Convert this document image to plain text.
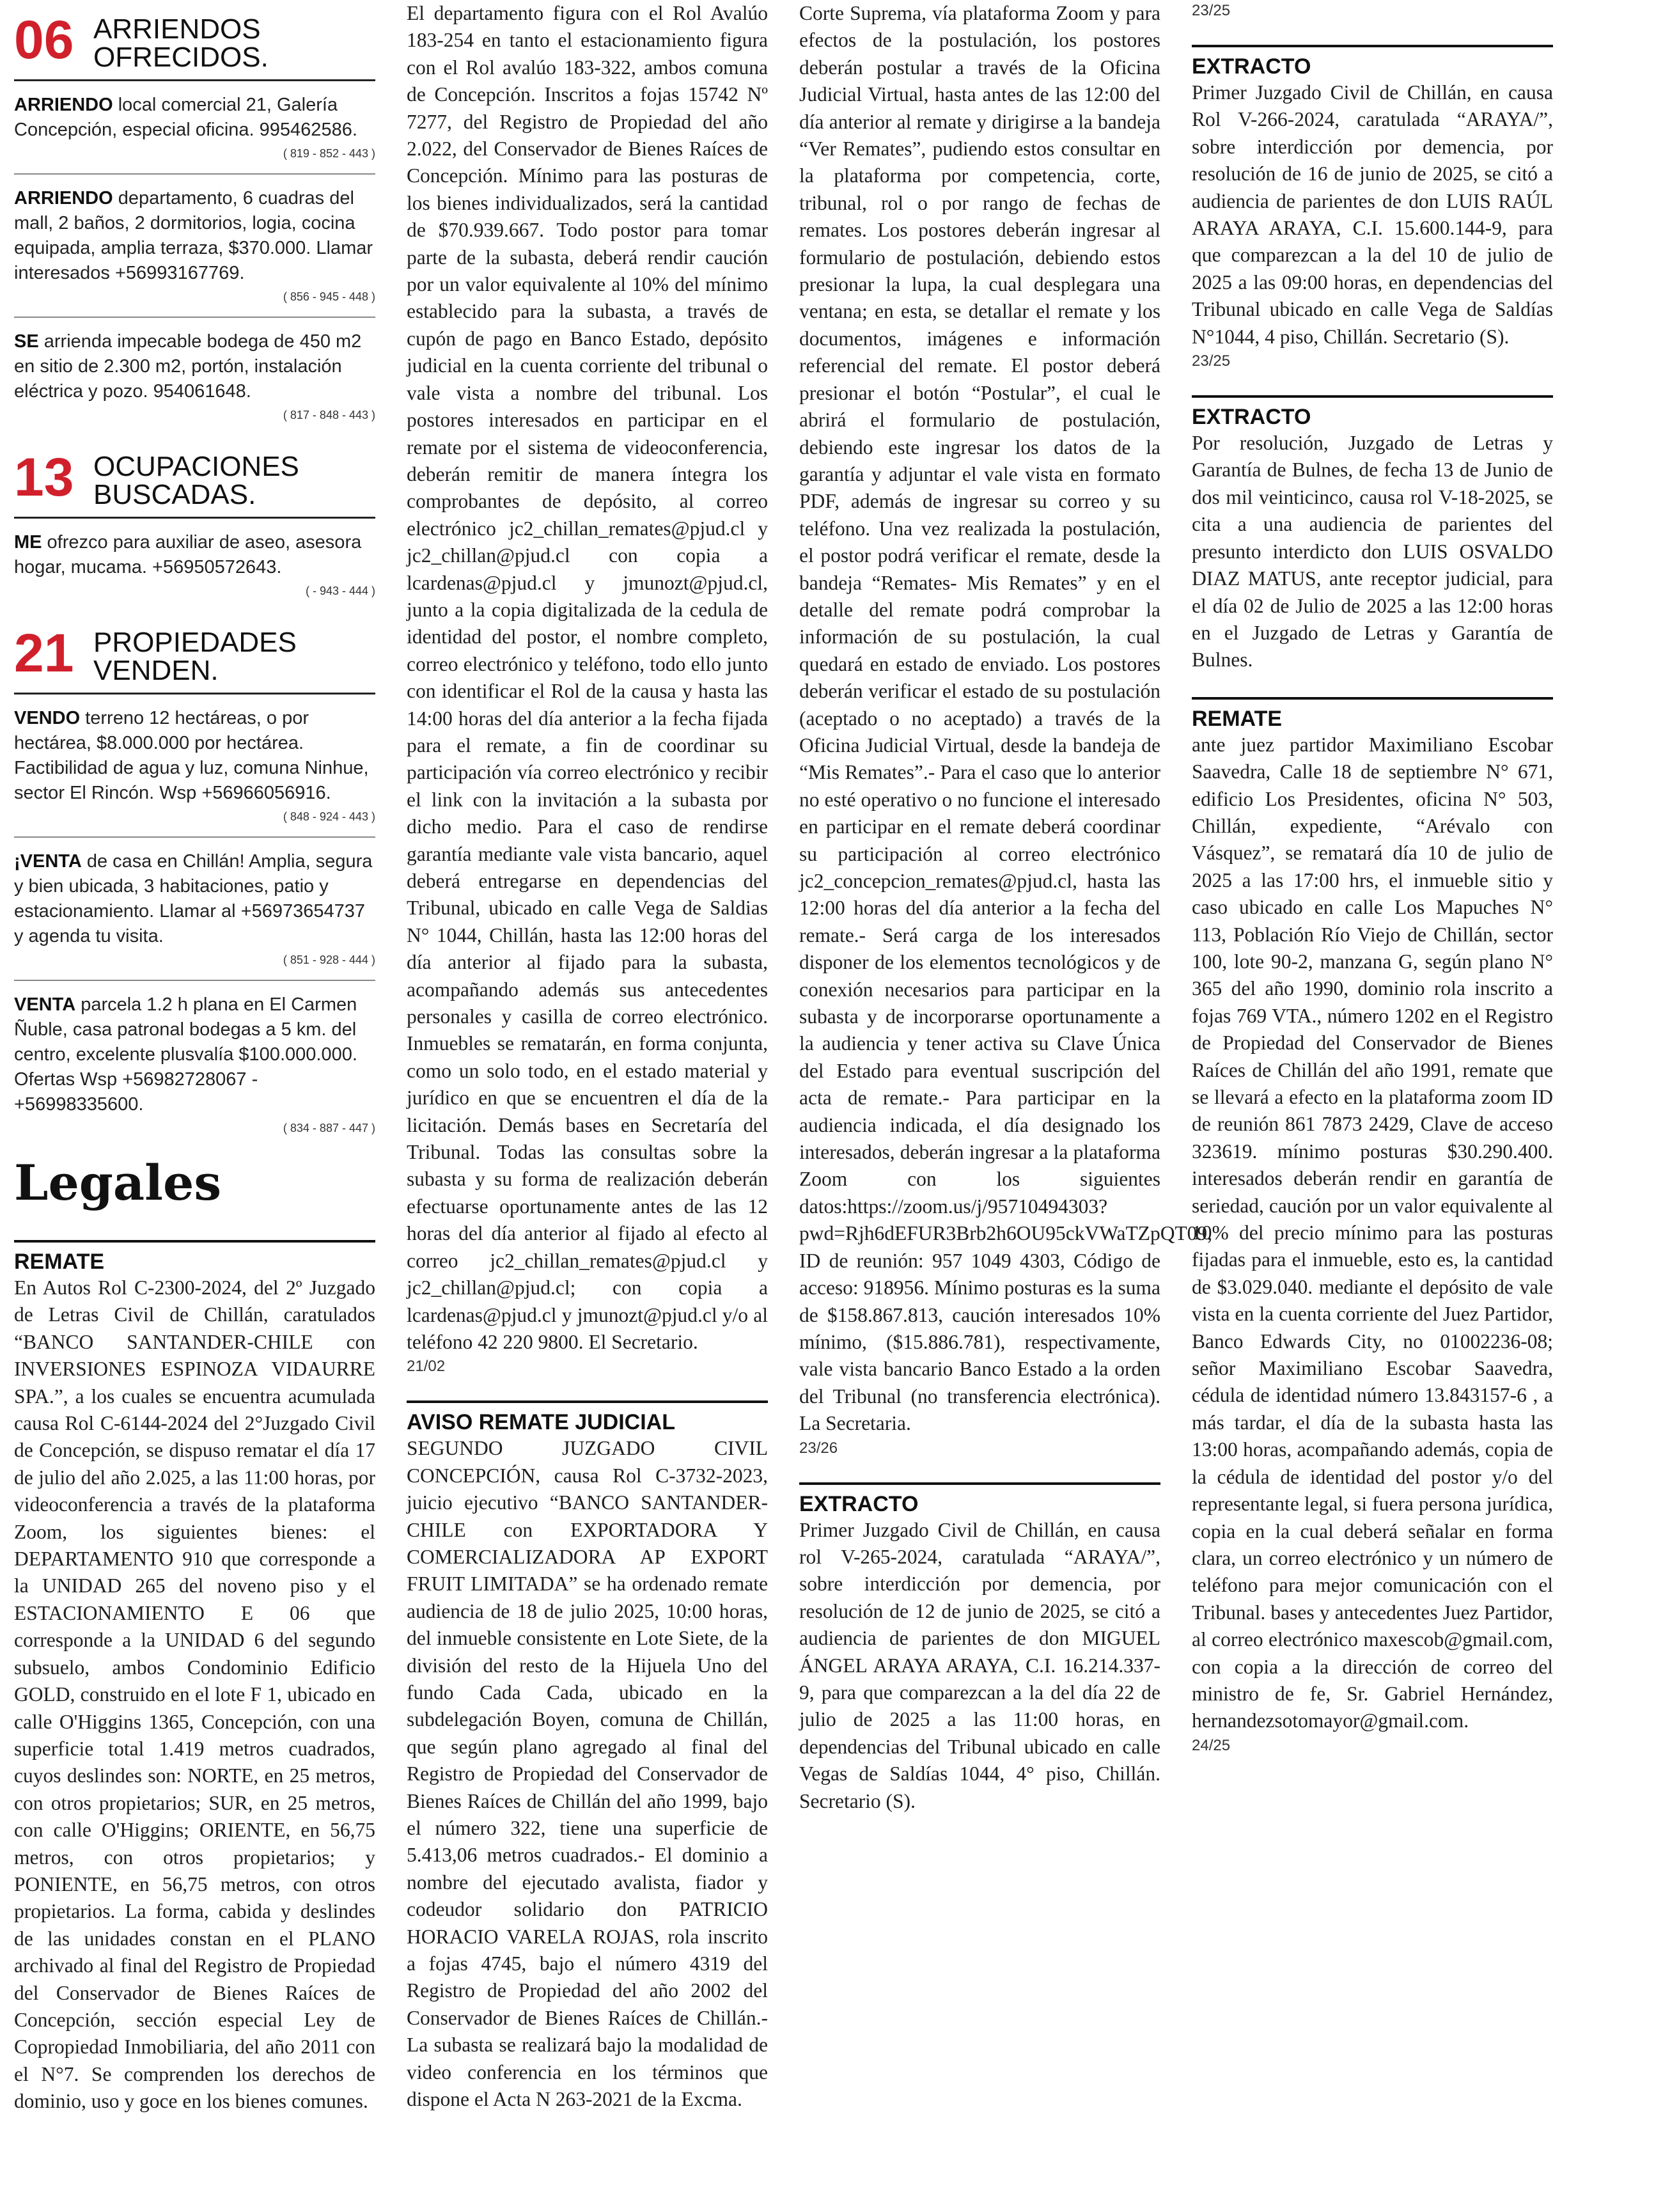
06 ARRIENDOS OFRECIDOS.
ARRIENDO local comercial 21, Galería Concepción, especial oficina. 995462586.
( 819 - 852 - 443 )
ARRIENDO departamento, 6 cuadras del mall, 2 baños, 2 dormitorios, logia, cocina equipada, amplia terraza, $370.000. Llamar interesados +56993167769.
( 856 - 945 - 448 )
SE arrienda impecable bodega de 450 m2 en sitio de 2.300 m2, portón, instalación eléctrica y pozo. 954061648.
( 817 - 848 - 443 )
13 OCUPACIONES BUSCADAS.
ME ofrezco para auxiliar de aseo, asesora hogar, mucama. +56950572643.
( - 943 - 444 )
21 PROPIEDADES VENDEN.
VENDO terreno 12 hectáreas, o por hectárea, $8.000.000 por hectárea. Factibilidad de agua y luz, comuna Ninhue, sector El Rincón. Wsp +56966056916.
( 848 - 924 - 443 )
¡VENTA de casa en Chillán! Amplia, segura y bien ubicada, 3 habitaciones, patio y estacionamiento. Llamar al +56973654737 y agenda tu visita.
( 851 - 928 - 444 )
VENTA parcela 1.2 h plana en El Carmen Ñuble, casa patronal bodegas a 5 km. del centro, excelente plusvalía $100.000.000. Ofertas Wsp +56982728067 - +56998335600.
( 834 - 887 - 447 )
Legales
REMATE
En Autos Rol C-2300-2024, del 2º Juzgado de Letras Civil de Chillán, caratulados “BANCO SANTANDER-CHILE con INVERSIONES ESPINOZA VIDAURRE SPA.”, a los cuales se encuentra acumulada causa Rol C-6144-2024 del 2°Juzgado Civil de Concepción, se dispuso rematar el día 17 de julio del año 2.025, a las 11:00 horas, por videoconferencia a través de la plataforma Zoom, los siguientes bienes: el DEPARTAMENTO 910 que corresponde a la UNIDAD 265 del noveno piso y el ESTACIONAMIENTO E 06 que corresponde a la UNIDAD 6 del segundo subsuelo, ambos Condominio Edificio GOLD, construido en el lote F 1, ubicado en calle O'Higgins 1365, Concepción, con una superficie total 1.419 metros cuadrados, cuyos deslindes son: NORTE, en 25 metros, con otros propietarios; SUR, en 25 metros, con calle O'Higgins; ORIENTE, en 56,75 metros, con otros propietarios; y PONIENTE, en 56,75 metros, con otros propietarios. La forma, cabida y deslindes de las unidades constan en el PLANO archivado al final del Registro de Propiedad del Conservador de Bienes Raíces de Concepción, sección especial Ley de Copropiedad Inmobiliaria, del año 2011 con el N°7. Se comprenden los derechos de dominio, uso y goce en los bienes comunes.
El departamento figura con el Rol Avalúo 183-254 en tanto el estacionamiento figura con el Rol avalúo 183-322, ambos comuna de Concepción. Inscritos a fojas 15742 Nº 7277, del Registro de Propiedad del año 2.022, del Conservador de Bienes Raíces de Concepción. Mínimo para las posturas de los bienes individualizados, será la cantidad de $70.939.667. Todo postor para tomar parte de la subasta, deberá rendir caución por un valor equivalente al 10% del mínimo establecido para la subasta, a través de cupón de pago en Banco Estado, depósito judicial en la cuenta corriente del tribunal o vale vista a nombre del tribunal. Los postores interesados en participar en el remate por el sistema de videoconferencia, deberán remitir de manera íntegra los comprobantes de depósito, al correo electrónico jc2_chillan_remates@pjud.cl y jc2_chillan@pjud.cl con copia a lcardenas@pjud.cl y jmunozt@pjud.cl, junto a la copia digitalizada de la cedula de identidad del postor, el nombre completo, correo electrónico y teléfono, todo ello junto con identificar el Rol de la causa y hasta las 14:00 horas del día anterior a la fecha fijada para el remate, a fin de coordinar su participación vía correo electrónico y recibir el link con la invitación a la subasta por dicho medio. Para el caso de rendirse garantía mediante vale vista bancario, aquel deberá entregarse en dependencias del Tribunal, ubicado en calle Vega de Saldias N° 1044, Chillán, hasta las 12:00 horas del día anterior al fijado para la subasta, acompañando además sus antecedentes personales y casilla de correo electrónico. Inmuebles se rematarán, en forma conjunta, como un solo todo, en el estado material y jurídico en que se encuentren el día de la licitación. Demás bases en Secretaría del Tribunal. Todas las consultas sobre la subasta y su forma de realización deberán efectuarse oportunamente antes de las 12 horas del día anterior al fijado al efecto al correo jc2_chillan_remates@pjud.cl y jc2_chillan@pjud.cl; con copia a lcardenas@pjud.cl y jmunozt@pjud.cl y/o al teléfono 42 220 9800. El Secretario.
21/02
AVISO REMATE JUDICIAL
SEGUNDO JUZGADO CIVIL CONCEPCIÓN, causa Rol C-3732-2023, juicio ejecutivo “BANCO SANTANDER-CHILE con EXPORTADORA Y COMERCIALIZADORA AP EXPORT FRUIT LIMITADA” se ha ordenado remate audiencia de 18 de julio 2025, 10:00 horas, del inmueble consistente en Lote Siete, de la división del resto de la Hijuela Uno del fundo Cada Cada, ubicado en la subdelegación Boyen, comuna de Chillán, que según plano agregado al final del Registro de Propiedad del Conservador de Bienes Raíces de Chillán del año 1999, bajo el número 322, tiene una superficie de 5.413,06 metros cuadrados.- El dominio a nombre del ejecutado avalista, fiador y codeudor solidario don PATRICIO HORACIO VARELA ROJAS, rola inscrito a fojas 4745, bajo el número 4319 del Registro de Propiedad del año 2002 del Conservador de Bienes Raíces de Chillán.- La subasta se realizará bajo la modalidad de video conferencia en los términos que dispone el Acta N 263-2021 de la Excma.
Corte Suprema, vía plataforma Zoom y para efectos de la postulación, los postores deberán postular a través de la Oficina Judicial Virtual, hasta antes de las 12:00 del día anterior al remate y dirigirse a la bandeja “Ver Remates”, pudiendo estos consultar en la plataforma por competencia, corte, tribunal, rol o por rango de fechas de remates. Los postores deberán ingresar al formulario de postulación, debiendo estos presionar la lupa, la cual desplegara una ventana; en esta, se detallar el remate y los documentos, imágenes e información referencial del remate. El postor deberá presionar el botón “Postular”, el cual le abrirá el formulario de postulación, debiendo este ingresar los datos de la garantía y adjuntar el vale vista en formato PDF, además de ingresar su correo y su teléfono. Una vez realizada la postulación, el postor podrá verificar el remate, desde la bandeja “Remates- Mis Remates” y en el detalle del remate podrá comprobar la información de su postulación, la cual quedará en estado de enviado. Los postores deberán verificar el estado de su postulación (aceptado o no aceptado) a través de la Oficina Judicial Virtual, desde la bandeja de “Mis Remates”.- Para el caso que lo anterior no esté operativo o no funcione el interesado en participar en el remate deberá coordinar su participación al correo electrónico jc2_concepcion_remates@pjud.cl, hasta las 12:00 horas del día anterior a la fecha del remate.- Será carga de los interesados disponer de los elementos tecnológicos y de conexión necesarios para participar en la subasta y de incorporarse oportunamente a la audiencia y tener activa su Clave Única del Estado para eventual suscripción del acta de remate.- Para participar en la audiencia indicada, el día designado los interesados, deberán ingresar a la plataforma Zoom con los siguientes datos:https://zoom.us/j/95710494303?pwd=Rjh6dEFUR3Brb2h6OU95ckVWaTZpQT09, ID de reunión: 957 1049 4303, Código de acceso: 918956. Mínimo posturas es la suma de $158.867.813, caución interesados 10% mínimo, ($15.886.781), respectivamente, vale vista bancario Banco Estado a la orden del Tribunal (no transferencia electrónica). La Secretaria.
23/26
EXTRACTO
Primer Juzgado Civil de Chillán, en causa rol V-265-2024, caratulada “ARAYA/”, sobre interdicción por demencia, por resolución de 12 de junio de 2025, se citó a audiencia de parientes de don MIGUEL ÁNGEL ARAYA ARAYA, C.I. 16.214.337-9, para que comparezcan a la del día 22 de julio de 2025 a las 11:00 horas, en dependencias del Tribunal ubicado en calle Vegas de Saldías 1044, 4° piso, Chillán. Secretario (S).
23/25
EXTRACTO
Primer Juzgado Civil de Chillán, en causa Rol V-266-2024, caratulada “ARAYA/”, sobre interdicción por demencia, por resolución de 16 de junio de 2025, se citó a audiencia de parientes de don LUIS RAÚL ARAYA ARAYA, C.I. 15.600.144-9, para que comparezcan a la del 10 de julio de 2025 a las 09:00 horas, en dependencias del Tribunal ubicado en calle Vega de Saldías N°1044, 4 piso, Chillán. Secretario (S).
23/25
EXTRACTO
Por resolución, Juzgado de Letras y Garantía de Bulnes, de fecha 13 de Junio de dos mil veinticinco, causa rol V-18-2025, se cita a una audiencia de parientes del presunto interdicto don LUIS OSVALDO DIAZ MATUS, ante receptor judicial, para el día 02 de Julio de 2025 a las 12:00 horas en el Juzgado de Letras y Garantía de Bulnes.
REMATE
ante juez partidor Maximiliano Escobar Saavedra, Calle 18 de septiembre N° 671, edificio Los Presidentes, oficina N° 503, Chillán, expediente, “Arévalo con Vásquez”, se rematará día 10 de julio de 2025 a las 17:00 hrs, el inmueble sitio y caso ubicado en calle Los Mapuches N° 113, Población Río Viejo de Chillán, sector 100, lote 90-2, manzana G, según plano N° 365 del año 1990, dominio rola inscrito a fojas 769 VTA., número 1202 en el Registro de Propiedad del Conservador de Bienes Raíces de Chillán del año 1991, remate que se llevará a efecto en la plataforma zoom ID de reunión 861 7873 2429, Clave de acceso 323619. mínimo posturas $30.290.400. interesados deberán rendir en garantía de seriedad, caución por un valor equivalente al 10% del precio mínimo para las posturas fijadas para el inmueble, esto es, la cantidad de $3.029.040. mediante el depósito de vale vista en la cuenta corriente del Juez Partidor, Banco Edwards City, no 01002236-08; señor Maximiliano Escobar Saavedra, cédula de identidad número 13.843157-6 , a más tardar, el día de la subasta hasta las 13:00 horas, acompañando además, copia de la cédula de identidad del postor y/o del representante legal, si fuera persona jurídica, copia en la cual deberá señalar en forma clara, un correo electrónico y un número de teléfono para mejor comunicación con el Tribunal. bases y antecedentes Juez Partidor, al correo electrónico maxescob@gmail.com, con copia a la dirección de correo del ministro de fe, Sr. Gabriel Hernández, hernandezsotomayor@gmail.com.
24/25
